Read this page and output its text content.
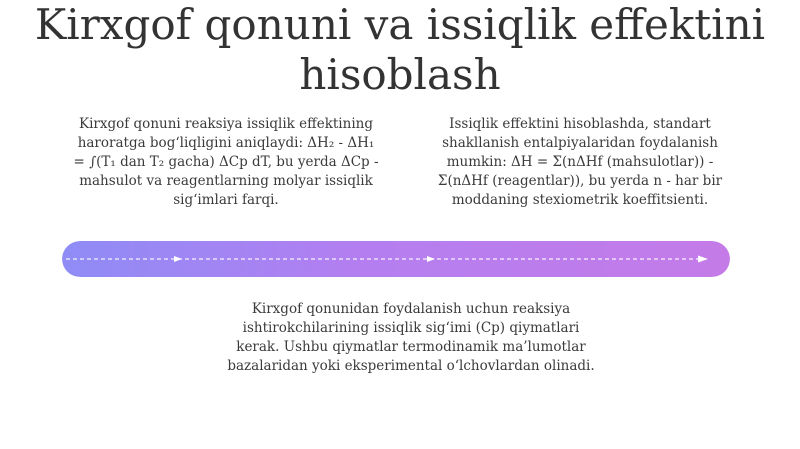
Kirxgof qonuni va issiqlik effektini hisoblash
Kirxgof qonuni reaksiya issiqlik effektining haroratga bog‘liqligini aniqlaydi: ΔH₂ - ΔH₁ = ∫(T₁ dan T₂ gacha) ΔCp dT, bu yerda ΔCp - mahsulot va reagentlarning molyar issiqlik sig‘imlari farqi.
Issiqlik effektini hisoblashda, standart shakllanish entalpiyalaridan foydalanish mumkin: ΔH = Σ(nΔHf (mahsulotlar)) - Σ(nΔHf (reagentlar)), bu yerda n - har bir moddaning stexiometrik koeffitsienti.
Kirxgof qonunidan foydalanish uchun reaksiya ishtirokchilarining issiqlik sig‘imi (Cp) qiymatlari kerak. Ushbu qiymatlar termodinamik ma’lumotlar bazalaridan yoki eksperimental o‘lchovlardan olinadi.
